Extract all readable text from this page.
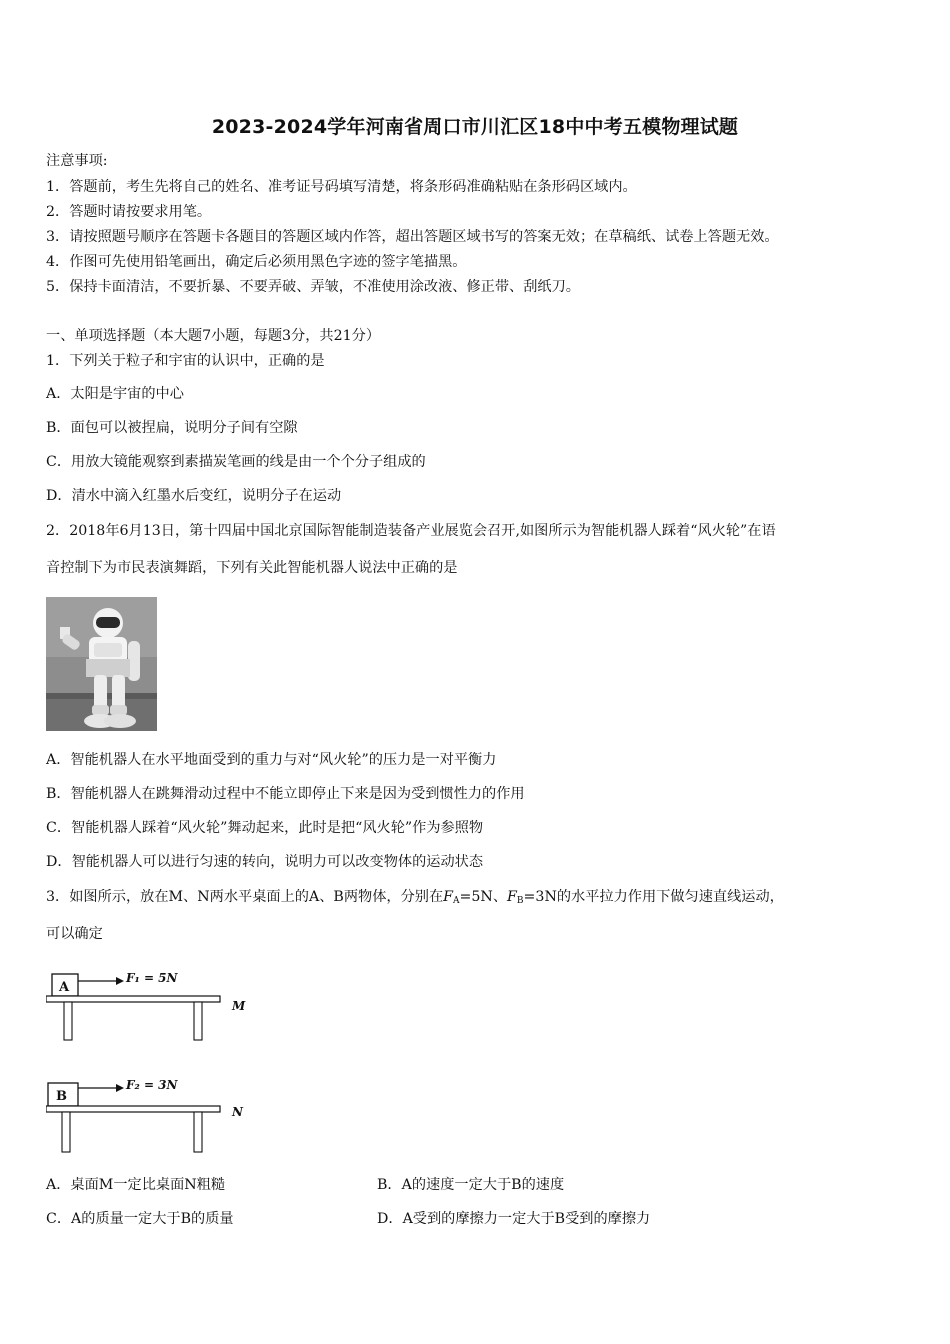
2023-2024学年河南省周口市川汇区18中中考五模物理试题
注意事项:
1．答题前，考生先将自己的姓名、准考证号码填写清楚，将条形码准确粘贴在条形码区域内。
2．答题时请按要求用笔。
3．请按照题号顺序在答题卡各题目的答题区域内作答，超出答题区域书写的答案无效；在草稿纸、试卷上答题无效。
4．作图可先使用铅笔画出，确定后必须用黑色字迹的签字笔描黑。
5．保持卡面清洁，不要折暴、不要弄破、弄皱，不准使用涂改液、修正带、刮纸刀。
一、单项选择题（本大题7小题，每题3分，共21分）
1．下列关于粒子和宇宙的认识中，正确的是
A．太阳是宇宙的中心
B．面包可以被捏扁，说明分子间有空隙
C．用放大镜能观察到素描炭笔画的线是由一个个分子组成的
D．清水中滴入红墨水后变红，说明分子在运动
2．2018年6月13日，第十四届中国北京国际智能制造装备产业展览会召开,如图所示为智能机器人踩着“风火轮”在语
音控制下为市民表演舞蹈，下列有关此智能机器人说法中正确的是
A．智能机器人在水平地面受到的重力与对“风火轮”的压力是一对平衡力
B．智能机器人在跳舞滑动过程中不能立即停止下来是因为受到惯性力的作用
C．智能机器人踩着“风火轮”舞动起来，此时是把“风火轮”作为参照物
D．智能机器人可以进行匀速的转向，说明力可以改变物体的运动状态
3．如图所示，放在M、N两水平桌面上的A、B两物体，分别在$F_A=5N$、$F_B=3N$的水平拉力作用下做匀速直线运动，
可以确定
A
F₁ = 5N
M
B
F₂ = 3N
N
A．桌面M一定比桌面N粗糙	B．A的速度一定大于B的速度
C．A的质量一定大于B的质量	D．A受到的摩擦力一定大于B受到的摩擦力
